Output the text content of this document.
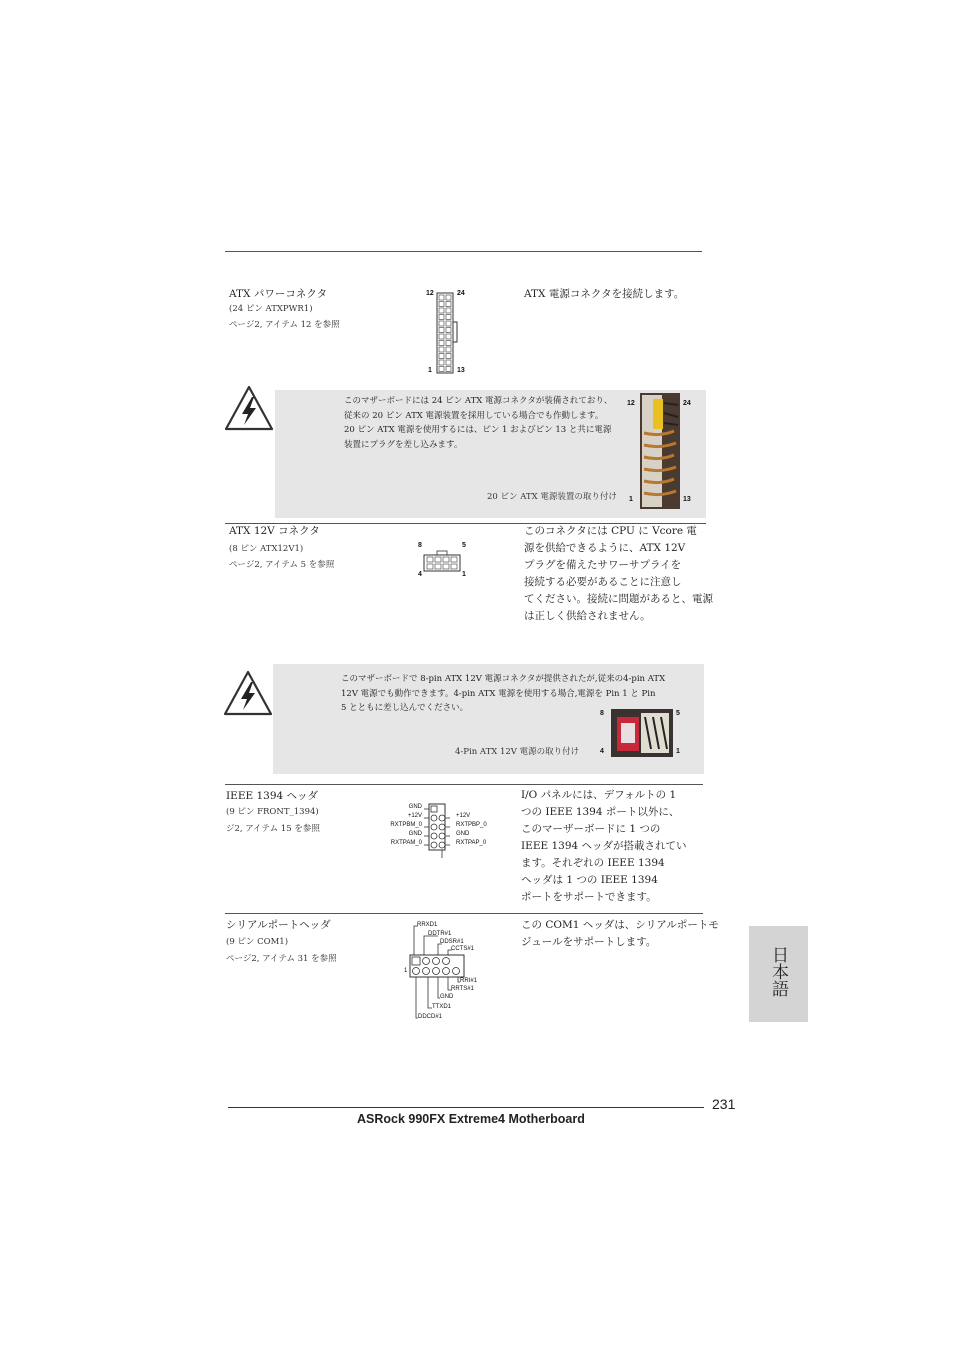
ATX パワーコネクタ
(24 ピン ATXPWR1)
ページ2, アイテム 12 を参照
12	24
1	13
ATX 電源コネクタを接続します。
このマザーボードには 24 ピン ATX 電源コネクタが装備されており、
従来の 20 ピン ATX 電源装置を採用している場合でも作動します。
20 ピン ATX 電源を使用するには、ピン 1 およびピン 13 と共に電源
装置にプラグを差し込みます。
20 ピン ATX 電源装置の取り付け
12	24
1	13
ATX 12V コネクタ
(8 ピン ATX12V1)
ページ2, アイテム 5 を参照
8	5
4	1
このコネクタには CPU に Vcore 電
源を供給できるように、ATX 12V
プラグを備えたサワーサプライを
接続する必要があることに注意し
てください。接続に問題があると、電源
は正しく供給されません。
このマザーボードで 8-pin ATX 12V 電源コネクタが提供されたが,従来の4-pin ATX
12V 電源でも動作できます。4-pin ATX 電源を使用する場合,電源を Pin 1 と Pin
5 とともに差し込んでください。
4-Pin ATX 12V 電源の取り付け
8	5
4	1
IEEE 1394 ヘッダ
(9 ピン FRONT_1394)
ジ2, アイテム 15 を参照
GND
+12V
RXTPBM_0
GND
RXTPAM_0
+12V
RXTPBP_0
GND
RXTPAP_0
I/O パネルには、デフォルトの 1
つの IEEE 1394 ポート以外に、
このマーザーボードに 1 つの
IEEE 1394 ヘッダが搭載されてい
ます。それぞれの IEEE 1394
ヘッダは 1 つの IEEE 1394
ポートをサポートできます。
シリアルポートヘッダ
(9 ピン COM1)
ページ2, アイテム 31 を参照
1
RRXD1
DDTR#1
DDSR#1
CCTS#1
RRI#1
RRTS#1
GND
TTXD1
DDCD#1
この COM1 ヘッダは、シリアルポートモ
ジュールをサポートします。
日本語
231
ASRock 990FX Extreme4 Motherboard
